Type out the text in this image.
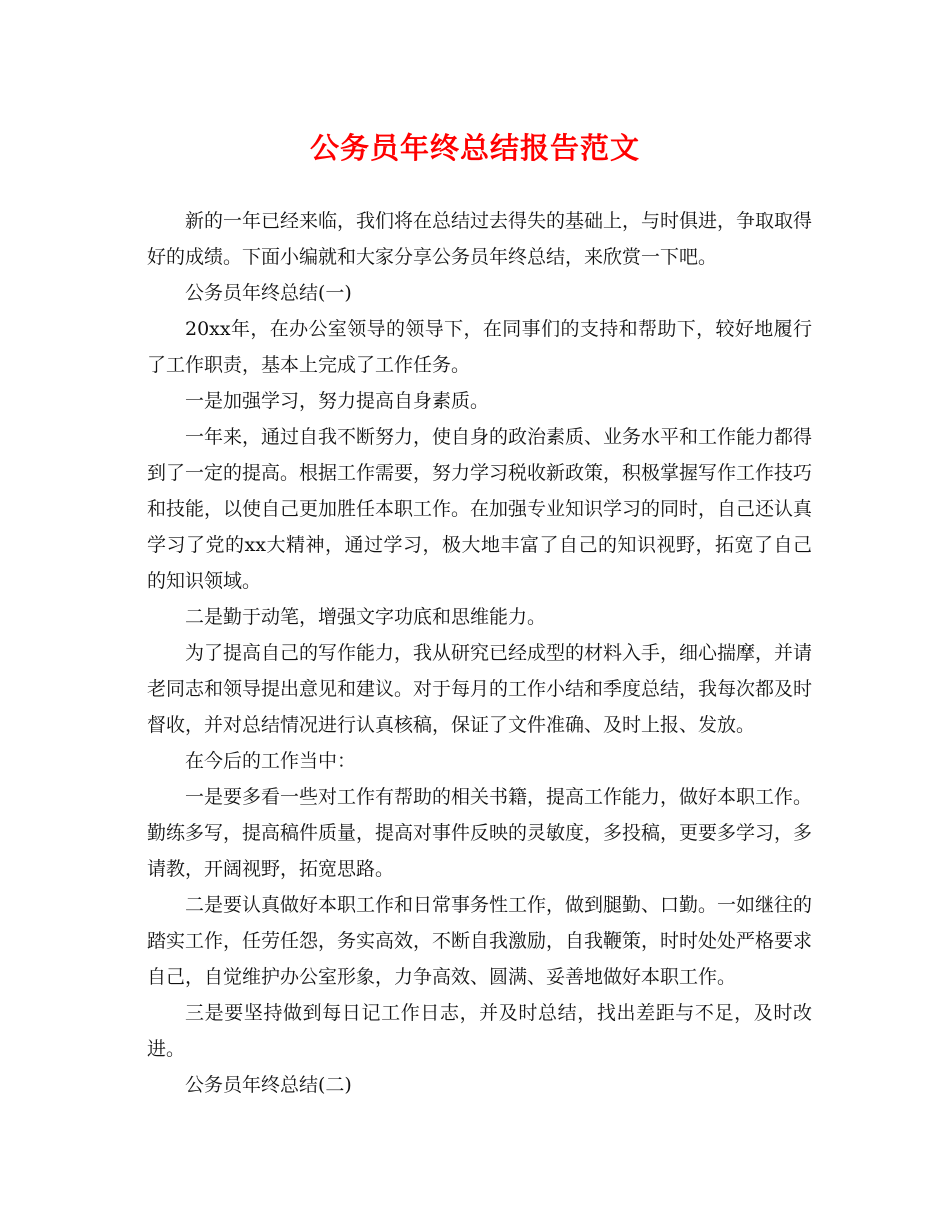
公务员年终总结报告范文

新的一年已经来临，我们将在总结过去得失的基础上，与时俱进，争取取得好的成绩。下面小编就和大家分享公务员年终总结，来欣赏一下吧。

公务员年终总结(一)

20xx年，在办公室领导的领导下，在同事们的支持和帮助下，较好地履行了工作职责，基本上完成了工作任务。

一是加强学习，努力提高自身素质。

一年来，通过自我不断努力，使自身的政治素质、业务水平和工作能力都得到了一定的提高。根据工作需要，努力学习税收新政策，积极掌握写作工作技巧和技能，以使自己更加胜任本职工作。在加强专业知识学习的同时，自己还认真学习了党的xx大精神，通过学习，极大地丰富了自己的知识视野，拓宽了自己的知识领域。

二是勤于动笔，增强文字功底和思维能力。

为了提高自己的写作能力，我从研究已经成型的材料入手，细心揣摩，并请老同志和领导提出意见和建议。对于每月的工作小结和季度总结，我每次都及时督收，并对总结情况进行认真核稿，保证了文件准确、及时上报、发放。

在今后的工作当中：

一是要多看一些对工作有帮助的相关书籍，提高工作能力，做好本职工作。勤练多写，提高稿件质量，提高对事件反映的灵敏度，多投稿，更要多学习，多请教，开阔视野，拓宽思路。

二是要认真做好本职工作和日常事务性工作，做到腿勤、口勤。一如继往的踏实工作，任劳任怨，务实高效，不断自我激励，自我鞭策，时时处处严格要求自己，自觉维护办公室形象，力争高效、圆满、妥善地做好本职工作。

三是要坚持做到每日记工作日志，并及时总结，找出差距与不足，及时改进。

公务员年终总结(二)
